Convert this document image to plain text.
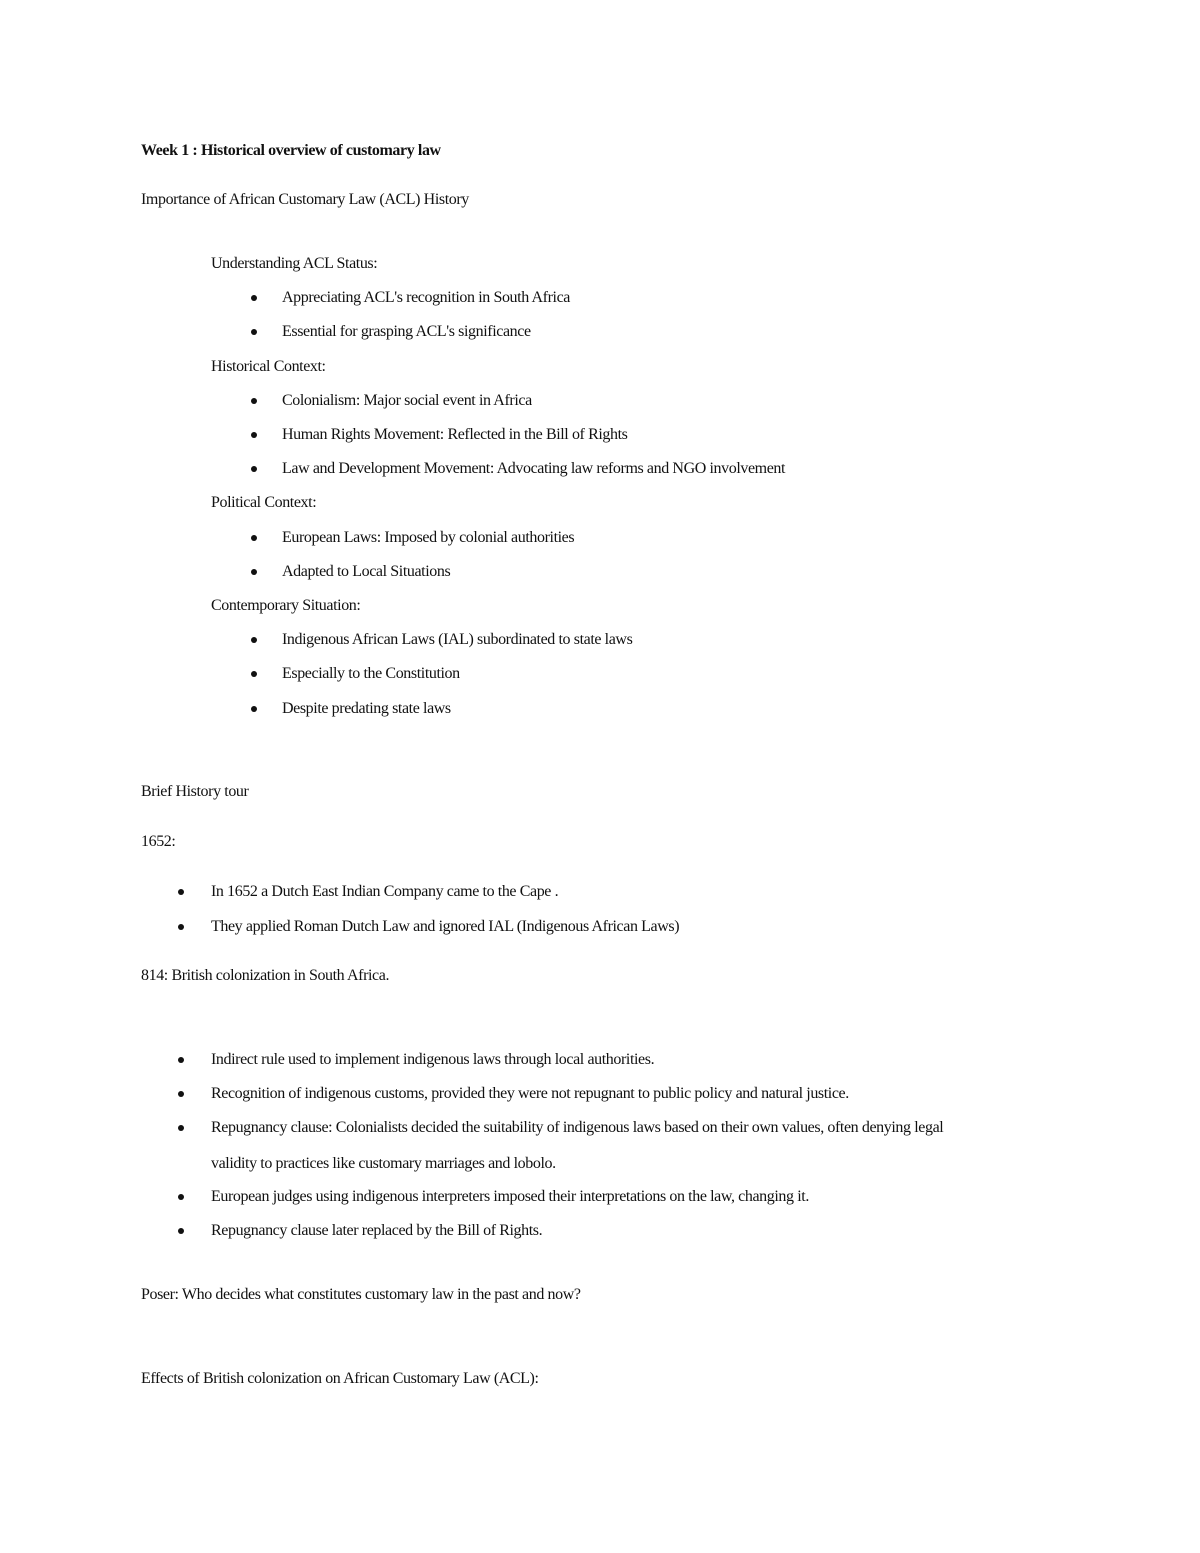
Week 1 : Historical overview of customary law
Importance of African Customary Law (ACL) History
Understanding ACL Status:
Appreciating ACL's recognition in South Africa
Essential for grasping ACL's significance
Historical Context:
Colonialism: Major social event in Africa
Human Rights Movement: Reflected in the Bill of Rights
Law and Development Movement: Advocating law reforms and NGO involvement
Political Context:
European Laws: Imposed by colonial authorities
Adapted to Local Situations
Contemporary Situation:
Indigenous African Laws (IAL) subordinated to state laws
Especially to the Constitution
Despite predating state laws
Brief History tour
1652:
In 1652 a Dutch East Indian Company came to the Cape .
They applied Roman Dutch Law and ignored IAL (Indigenous African Laws)
814: British colonization in South Africa.
Indirect rule used to implement indigenous laws through local authorities.
Recognition of indigenous customs, provided they were not repugnant to public policy and natural justice.
Repugnancy clause: Colonialists decided the suitability of indigenous laws based on their own values, often denying legal
validity to practices like customary marriages and lobolo.
European judges using indigenous interpreters imposed their interpretations on the law, changing it.
Repugnancy clause later replaced by the Bill of Rights.
Poser: Who decides what constitutes customary law in the past and now?
Effects of British colonization on African Customary Law (ACL):
